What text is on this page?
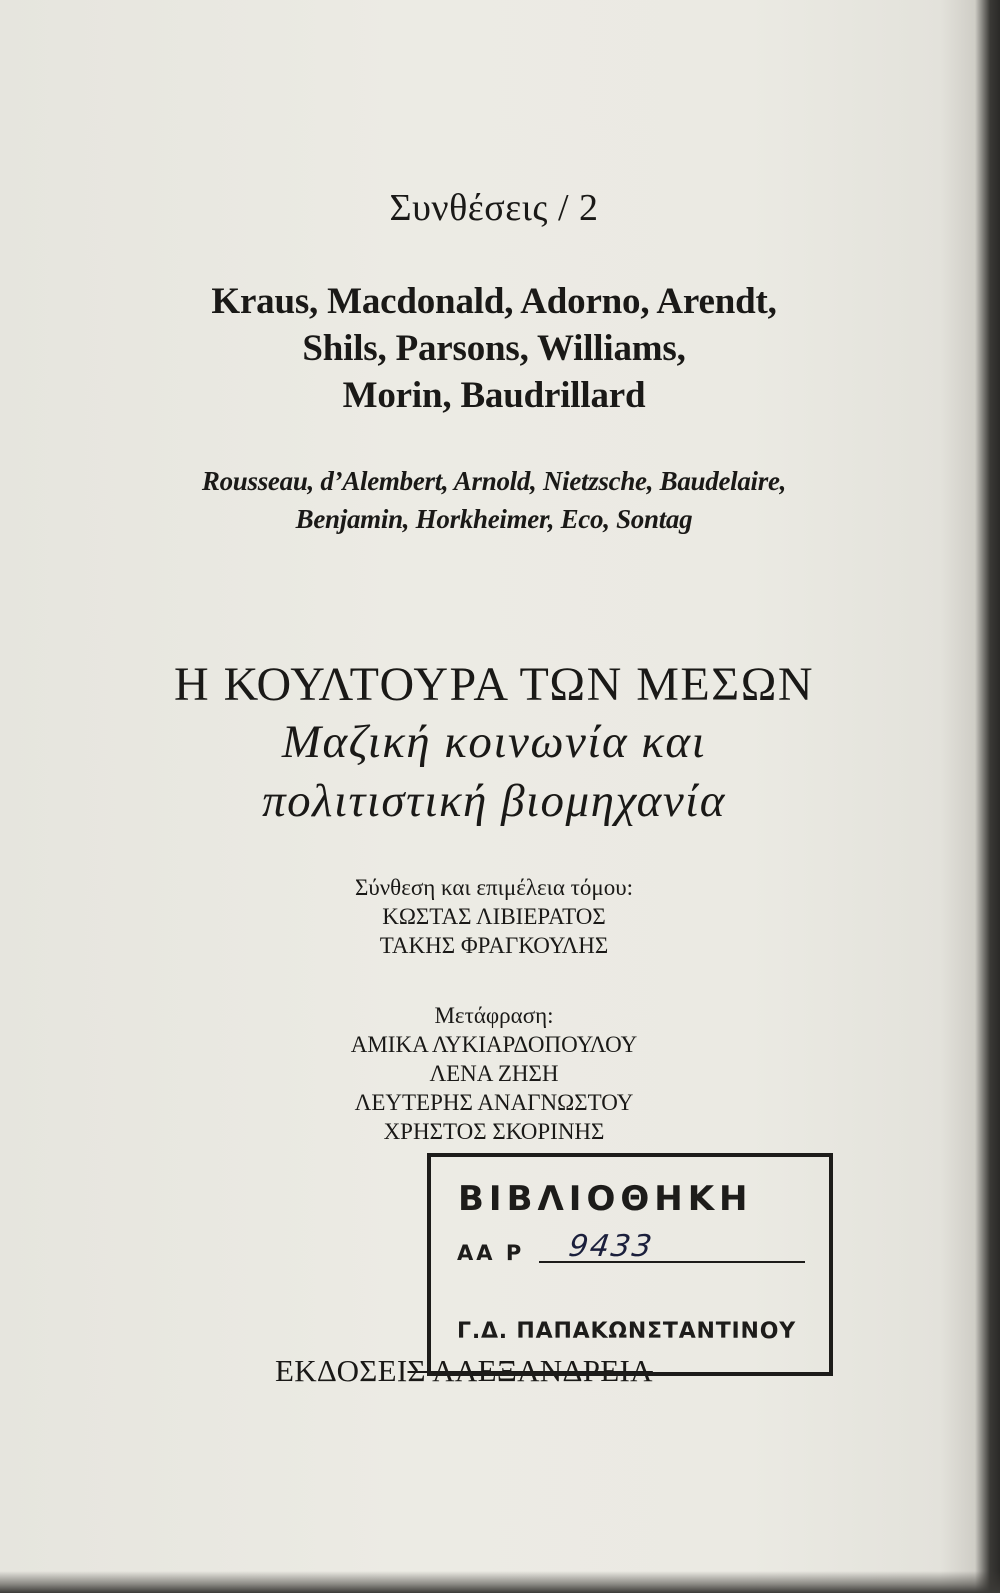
Συνθέσεις / 2
Kraus, Macdonald, Adorno, Arendt,
Shils, Parsons, Williams,
Morin, Baudrillard
Rousseau, d’Alembert, Arnold, Nietzsche, Baudelaire,
Benjamin, Horkheimer, Eco, Sontag
Η ΚΟΥΛΤΟΥΡΑ ΤΩΝ ΜΕΣΩΝ
Μαζική κοινωνία και
πολιτιστική βιομηχανία
Σύνθεση και επιμέλεια τόμου:
ΚΩΣΤΑΣ ΛΙΒΙΕΡΑΤΟΣ
ΤΑΚΗΣ ΦΡΑΓΚΟΥΛΗΣ
Μετάφραση:
ΑΜΙΚΑ ΛΥΚΙΑΡΔΟΠΟΥΛΟΥ
ΛΕΝΑ ΖΗΣΗ
ΛΕΥΤΕΡΗΣ ΑΝΑΓΝΩΣΤΟΥ
ΧΡΗΣΤΟΣ ΣΚΟΡΙΝΗΣ
ΕΚΔΟΣΕΙΣ ΑΛΕΞΑΝΔΡΕΙΑ
ΒΙΒΛΙΟΘΗΚΗ
ΑΑ Ρ 9433
Γ.Δ. ΠΑΠΑΚΩΝΣΤΑΝΤΙΝΟΥ
